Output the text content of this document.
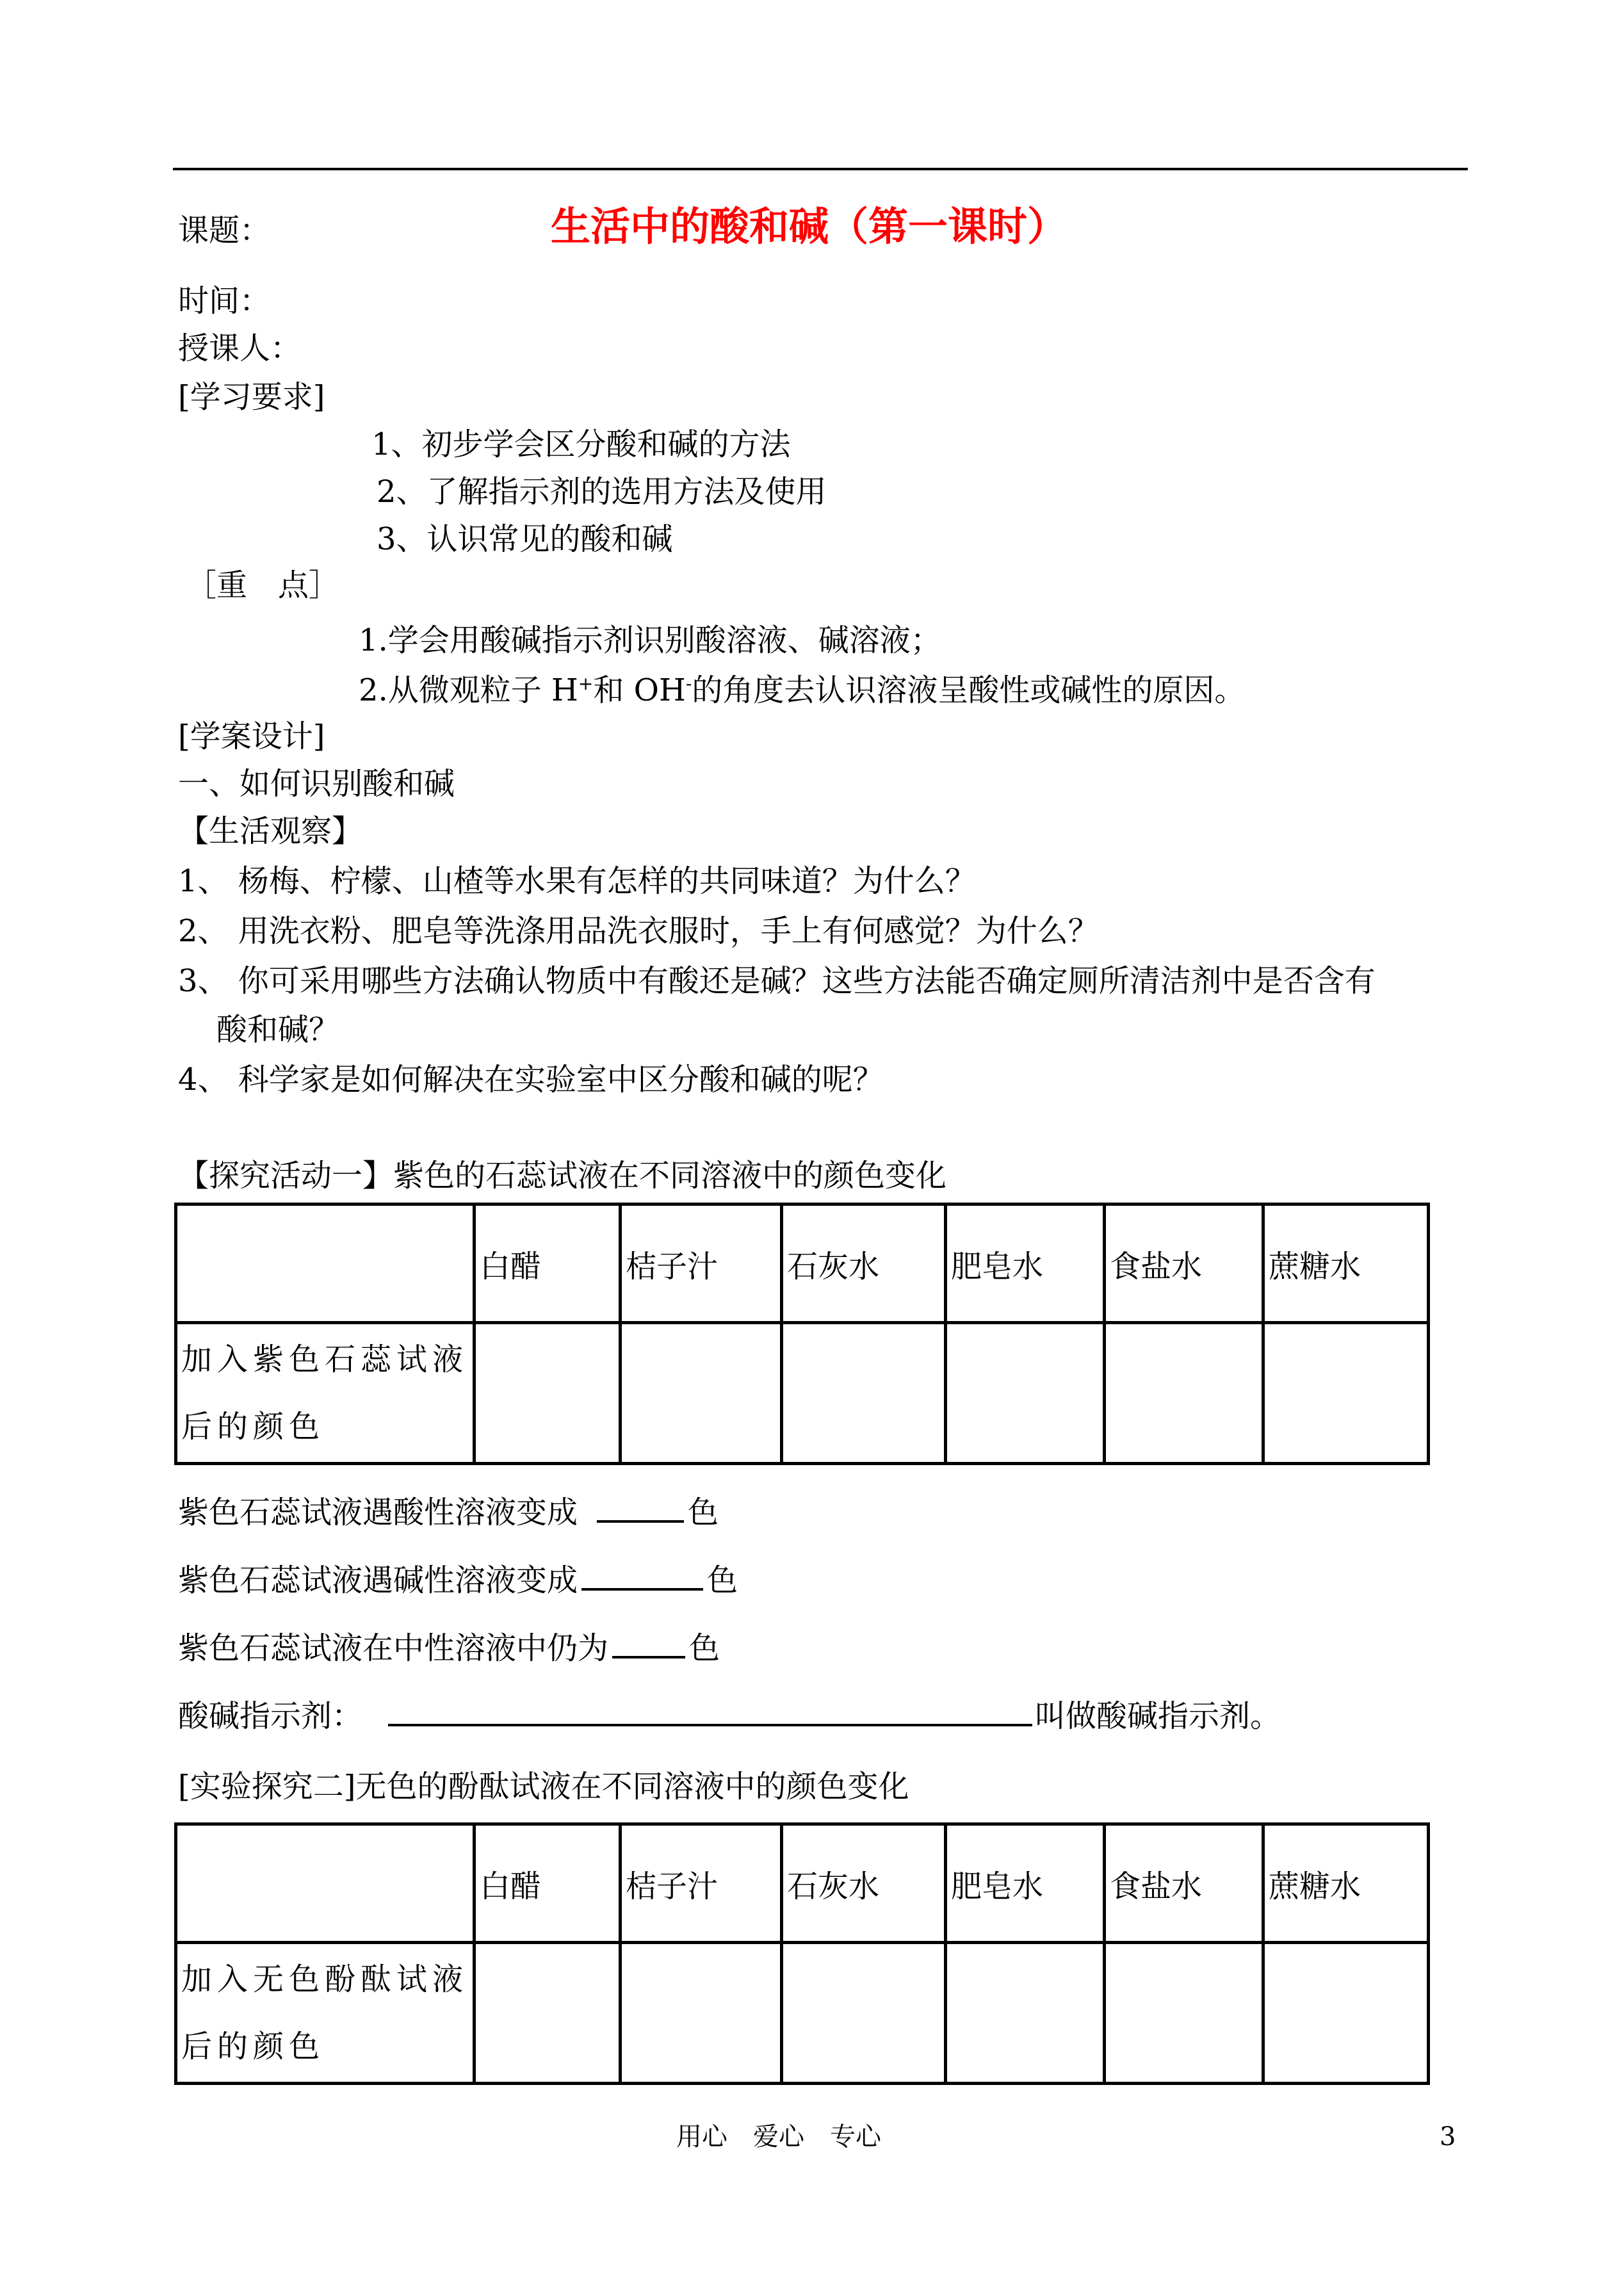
课题：	生活中的酸和碱（第一课时）
时间：
授课人：
[学习要求]
1、初步学会区分酸和碱的方法
2、了解指示剂的选用方法及使用
3、认识常见的酸和碱
［重　点］
1.学会用酸碱指示剂识别酸溶液、碱溶液；
2.从微观粒子 H+和 OH-的角度去认识溶液呈酸性或碱性的原因。
[学案设计]
一、如何识别酸和碱
【生活观察】
1、 杨梅、柠檬、山楂等水果有怎样的共同味道？为什么？
2、 用洗衣粉、肥皂等洗涤用品洗衣服时，手上有何感觉？为什么？
3、 你可采用哪些方法确认物质中有酸还是碱？这些方法能否确定厕所清洁剂中是否含有
酸和碱？
4、 科学家是如何解决在实验室中区分酸和碱的呢？
【探究活动一】紫色的石蕊试液在不同溶液中的颜色变化
	白醋	桔子汁	石灰水	肥皂水	食盐水	蔗糖水
加入紫色石蕊试液后的颜色						
紫色石蕊试液遇酸性溶液变成	色
紫色石蕊试液遇碱性溶液变成	色
紫色石蕊试液在中性溶液中仍为	色
酸碱指示剂：	叫做酸碱指示剂。
[实验探究二]无色的酚酞试液在不同溶液中的颜色变化
	白醋	桔子汁	石灰水	肥皂水	食盐水	蔗糖水
加入无色酚酞试液后的颜色						
用心　爱心　专心	3
